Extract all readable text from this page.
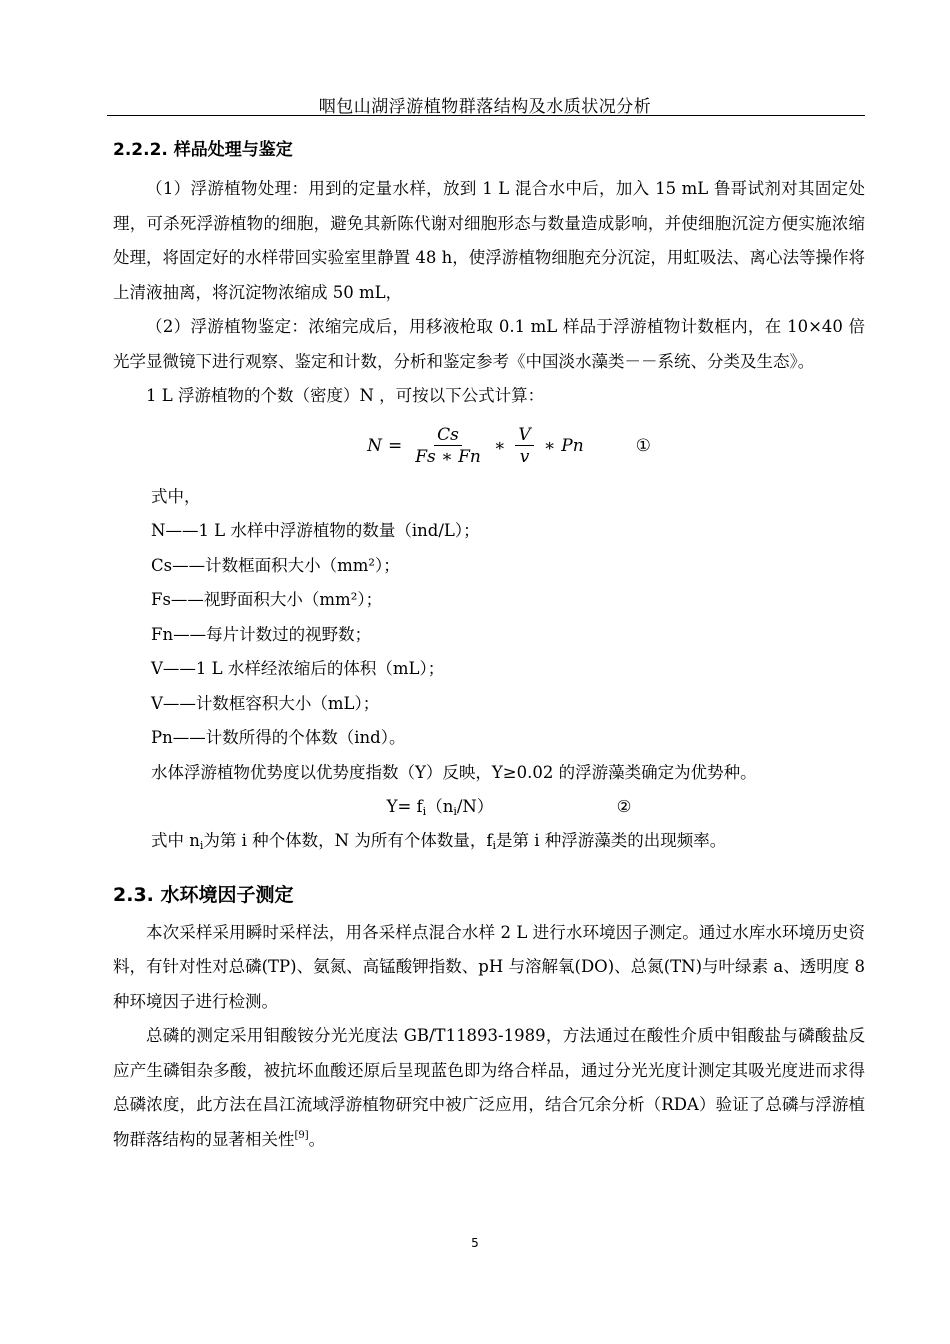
咽包山湖浮游植物群落结构及水质状况分析
2.2.2. 样品处理与鉴定

（1）浮游植物处理：用到的定量水样，放到 1 L 混合水中后，加入 15 mL 鲁哥试剂对其固定处理，可杀死浮游植物的细胞，避免其新陈代谢对细胞形态与数量造成影响，并使细胞沉淀方便实施浓缩处理，将固定好的水样带回实验室里静置 48 h，使浮游植物细胞充分沉淀，用虹吸法、离心法等操作将上清液抽离，将沉淀物浓缩成 50 mL，

（2）浮游植物鉴定：浓缩完成后，用移液枪取 0.1 mL 样品于浮游植物计数框内，在 10×40 倍光学显微镜下进行观察、鉴定和计数，分析和鉴定参考《中国淡水藻类－－系统、分类及生态》。

1 L 浮游植物的个数（密度）N ，可按以下公式计算：

$N = \frac{Cs}{Fs ∗ Fn}$ ∗ $\frac{V}{v}$ ∗ Pn	①

式中，

N——1 L 水样中浮游植物的数量（ind/L）；

Cs——计数框面积大小（mm²）；

Fs——视野面积大小（mm²）；

Fn——每片计数过的视野数；

V——1 L 水样经浓缩后的体积（mL）；

V——计数框容积大小（mL）；

Pn——计数所得的个体数（ind）。

水体浮游植物优势度以优势度指数（Y）反映，Y≥0.02 的浮游藻类确定为优势种。

$Y= f_i(n_i/N)$	②

式中 $n_i$为第 i 种个体数，N 为所有个体数量，$f_i$是第 i 种浮游藻类的出现频率。

2.3. 水环境因子测定

本次采样采用瞬时采样法，用各采样点混合水样 2 L 进行水环境因子测定。通过水库水环境历史资料，有针对性对总磷(TP)、氨氮、高锰酸钾指数、pH 与溶解氧(DO)、总氮(TN)与叶绿素 a、透明度 8 种环境因子进行检测。

总磷的测定采用钼酸铵分光光度法 GB/T11893-1989，方法通过在酸性介质中钼酸盐与磷酸盐反应产生磷钼杂多酸，被抗坏血酸还原后呈现蓝色即为络合样品，通过分光光度计测定其吸光度进而求得总磷浓度，此方法在昌江流域浮游植物研究中被广泛应用，结合冗余分析（RDA）验证了总磷与浮游植物群落结构的显著相关性[9]。

5
